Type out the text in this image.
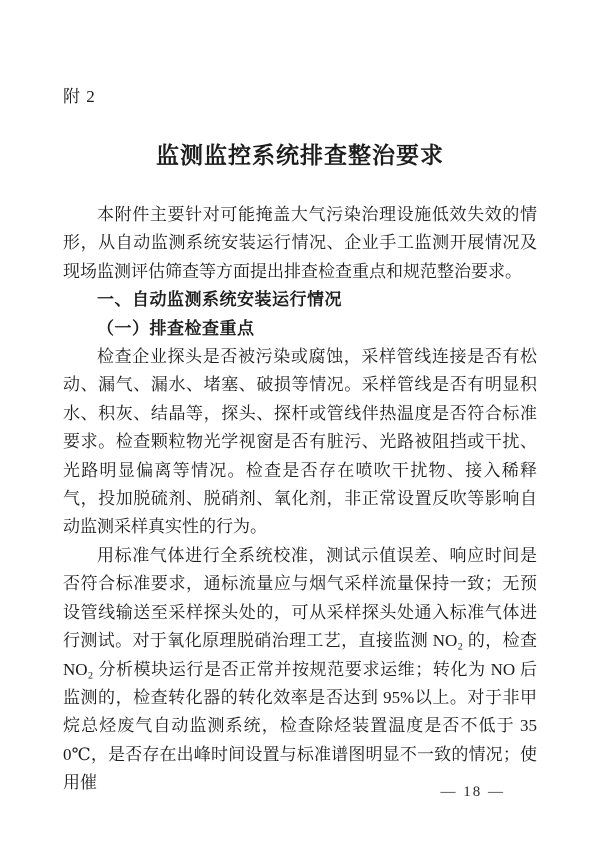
附 2
监测监控系统排查整治要求

本附件主要针对可能掩盖大气污染治理设施低效失效的情形，从自动监测系统安装运行情况、企业手工监测开展情况及现场监测评估筛查等方面提出排查检查重点和规范整治要求。

一、自动监测系统安装运行情况

（一）排查检查重点

检查企业探头是否被污染或腐蚀，采样管线连接是否有松动、漏气、漏水、堵塞、破损等情况。采样管线是否有明显积水、积灰、结晶等，探头、探杆或管线伴热温度是否符合标准要求。检查颗粒物光学视窗是否有脏污、光路被阻挡或干扰、光路明显偏离等情况。检查是否存在喷吹干扰物、接入稀释气，投加脱硫剂、脱硝剂、氧化剂，非正常设置反吹等影响自动监测采样真实性的行为。

用标准气体进行全系统校准，测试示值误差、响应时间是否符合标准要求，通标流量应与烟气采样流量保持一致；无预设管线输送至采样探头处的，可从采样探头处通入标准气体进行测试。对于氧化原理脱硝治理工艺，直接监测 NO₂ 的，检查 NO₂ 分析模块运行是否正常并按规范要求运维；转化为 NO 后监测的，检查转化器的转化效率是否达到 95%以上。对于非甲烷总烃废气自动监测系统，检查除烃装置温度是否不低于 350℃，是否存在出峰时间设置与标准谱图明显不一致的情况；使用催	— 18 —
